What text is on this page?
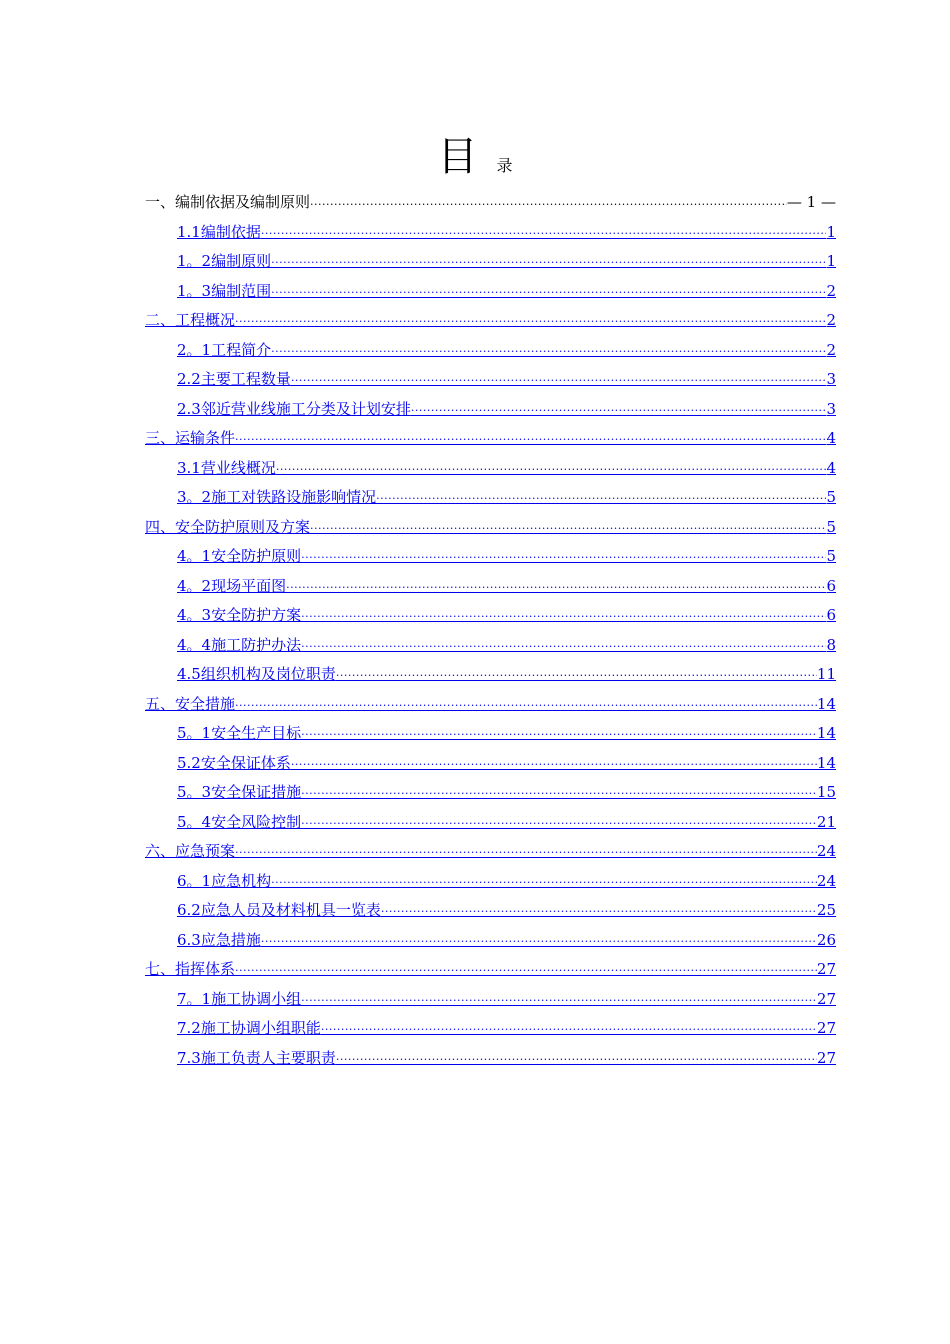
目 录
一、编制依据及编制原则 .....	— 1 —
1.1编制依据 .....	1
1。2编制原则 .....	1
1。3编制范围 .....	2
二、工程概况 .....	2
2。1工程简介 .....	2
2.2主要工程数量 .....	3
2.3邻近营业线施工分类及计划安排 .....	3
三、运输条件 .....	4
3.1营业线概况 .....	4
3。2施工对铁路设施影响情况 .....	5
四、安全防护原则及方案 .....	5
4。1安全防护原则 .....	5
4。2现场平面图 .....	6
4。3安全防护方案 .....	6
4。4施工防护办法 .....	8
4.5组织机构及岗位职责 .....	11
五、安全措施 .....	14
5。1安全生产目标 .....	14
5.2安全保证体系 .....	14
5。3安全保证措施 .....	15
5。4安全风险控制 .....	21
六、应急预案 .....	24
6。1应急机构 .....	24
6.2应急人员及材料机具一览表 .....	25
6.3应急措施 .....	26
七、指挥体系 .....	27
7。1施工协调小组 .....	27
7.2施工协调小组职能 .....	27
7.3施工负责人主要职责 .....	27
